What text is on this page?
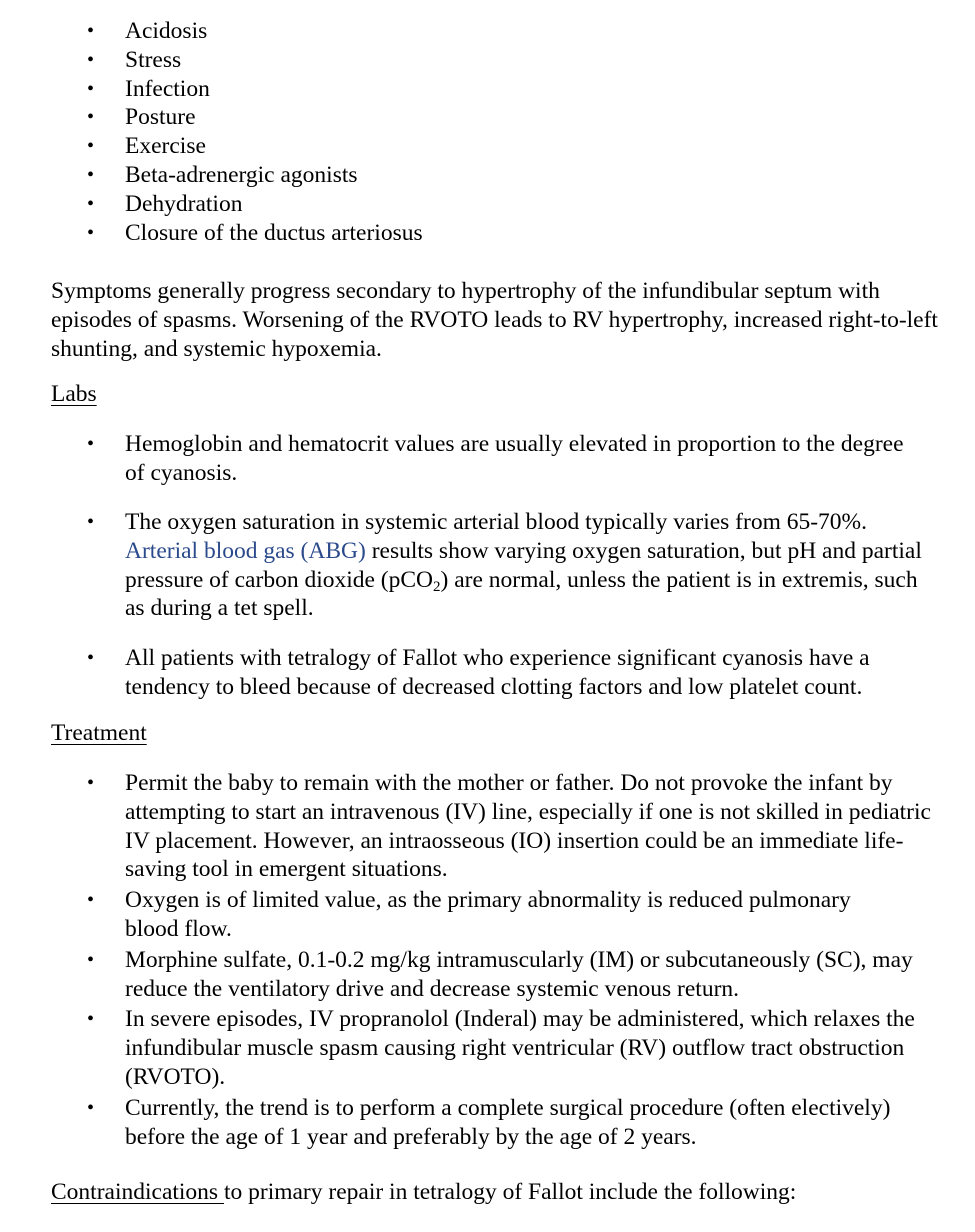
• Acidosis
• Stress
• Infection
• Posture
• Exercise
• Beta-adrenergic agonists
• Dehydration
• Closure of the ductus arteriosus

Symptoms generally progress secondary to hypertrophy of the infundibular septum with episodes of spasms. Worsening of the RVOTO leads to RV hypertrophy, increased right-to-left shunting, and systemic hypoxemia.

Labs
• Hemoglobin and hematocrit values are usually elevated in proportion to the degree of cyanosis.
• The oxygen saturation in systemic arterial blood typically varies from 65-70%. Arterial blood gas (ABG) results show varying oxygen saturation, but pH and partial pressure of carbon dioxide (pCO$_2$) are normal, unless the patient is in extremis, such as during a tet spell.
• All patients with tetralogy of Fallot who experience significant cyanosis have a tendency to bleed because of decreased clotting factors and low platelet count.
Treatment
• Permit the baby to remain with the mother or father. Do not provoke the infant by attempting to start an intravenous (IV) line, especially if one is not skilled in pediatric IV placement. However, an intraosseous (IO) insertion could be an immediate life-saving tool in emergent situations.
• Oxygen is of limited value, as the primary abnormality is reduced pulmonary blood flow.
• Morphine sulfate, 0.1-0.2 mg/kg intramuscularly (IM) or subcutaneously (SC), may reduce the ventilatory drive and decrease systemic venous return.
• In severe episodes, IV propranolol (Inderal) may be administered, which relaxes the infundibular muscle spasm causing right ventricular (RV) outflow tract obstruction (RVOTO).
• Currently, the trend is to perform a complete surgical procedure (often electively) before the age of 1 year and preferably by the age of 2 years.

Contraindications to primary repair in tetralogy of Fallot include the following:
